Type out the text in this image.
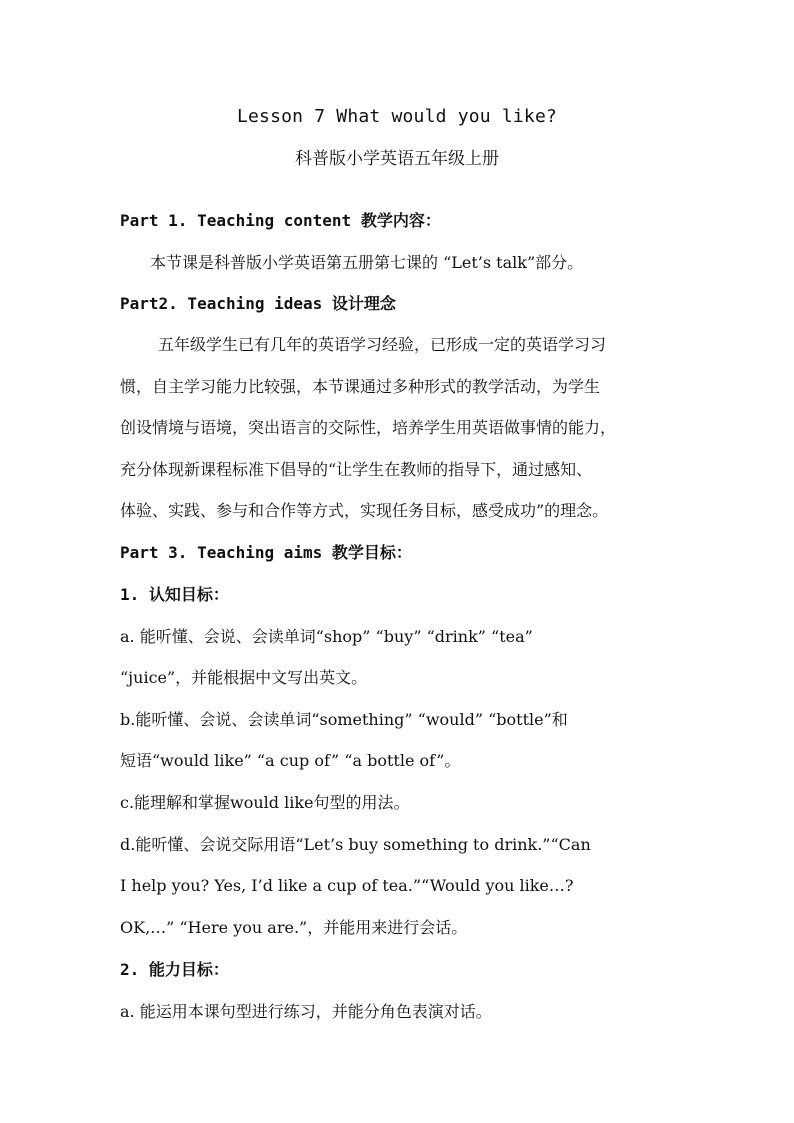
Lesson 7 What would you like?
科普版小学英语五年级上册
Part 1. Teaching content 教学内容：
本节课是科普版小学英语第五册第七课的 “Let’s talk”部分。
Part2. Teaching ideas 设计理念
五年级学生已有几年的英语学习经验，已形成一定的英语学习习
惯，自主学习能力比较强，本节课通过多种形式的教学活动，为学生
创设情境与语境，突出语言的交际性，培养学生用英语做事情的能力，
充分体现新课程标准下倡导的“让学生在教师的指导下，通过感知、
体验、实践、参与和合作等方式，实现任务目标，感受成功”的理念。
Part 3. Teaching aims 教学目标：
1. 认知目标：
a. 能听懂、会说、会读单词“shop” “buy” “drink” “tea”
“juice”，并能根据中文写出英文。
b.能听懂、会说、会读单词“something” “would” “bottle”和
短语“would like” “a cup of” “a bottle of”。
c.能理解和掌握would like句型的用法。
d.能听懂、会说交际用语“Let’s buy something to drink.”“Can
I help you? Yes, I’d like a cup of tea.”“Would you like…?
OK,…” “Here you are.”，并能用来进行会话。
2. 能力目标：
a. 能运用本课句型进行练习，并能分角色表演对话。
